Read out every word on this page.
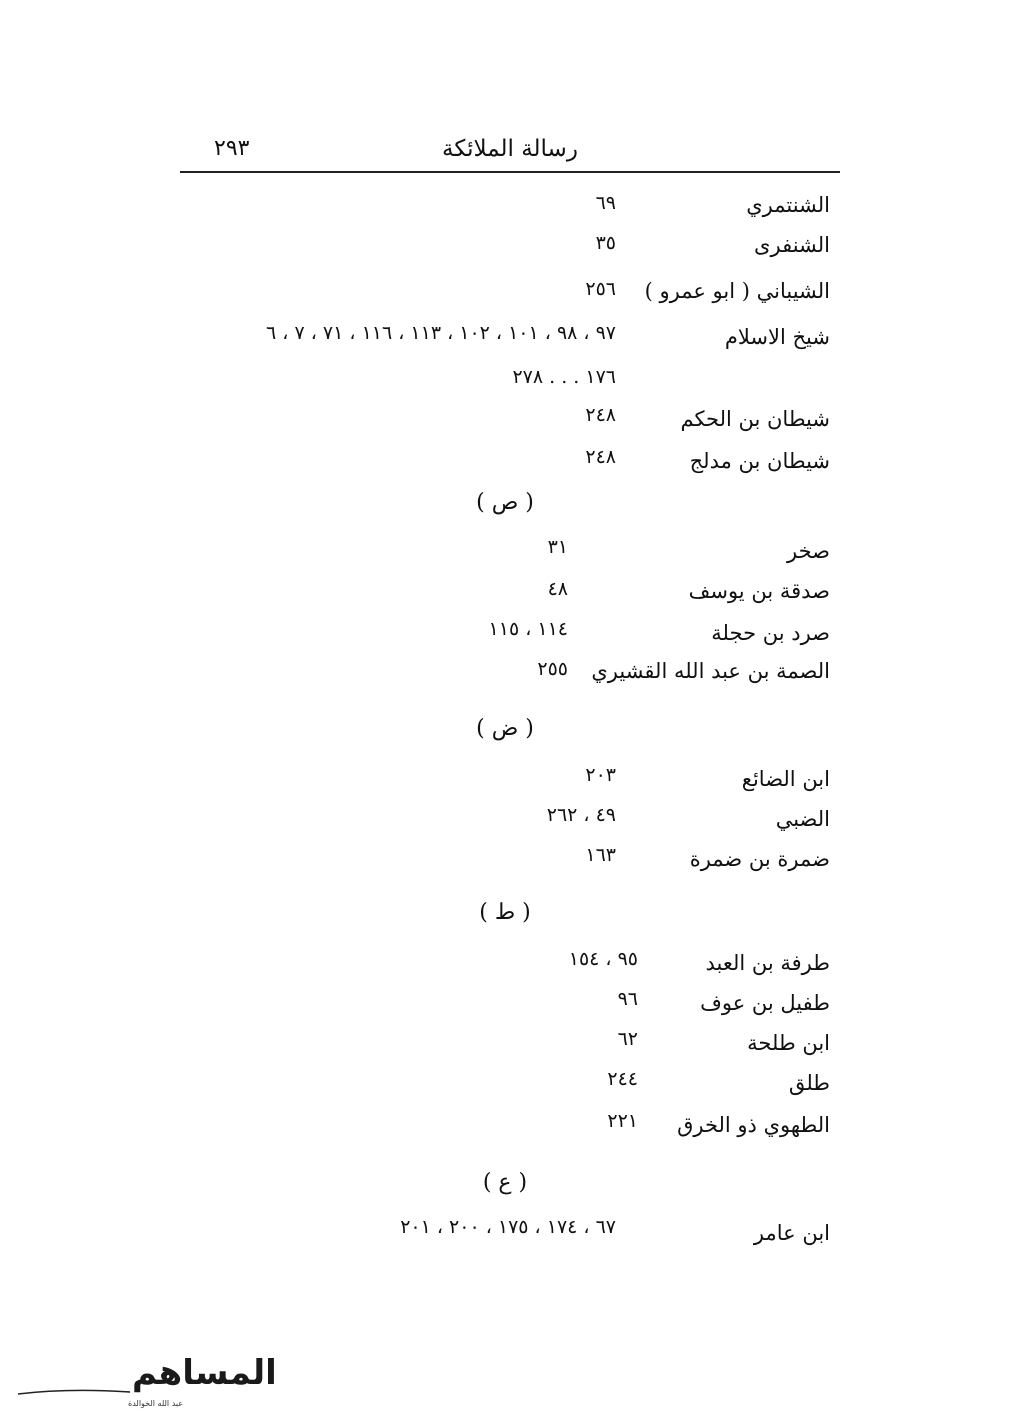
رسالة الملائكة
٢٩٣
الشنتمري
٦٩
الشنفرى
٣٥
الشيباني ( ابو عمرو )
٢٥٦
شيخ الاسلام
٩٧ ، ٩٨ ، ١٠١ ، ١٠٢ ، ١١٣ ، ١١٦ ، ٧١ ، ٧ ، ٦
١٧٦ . . . ٢٧٨
شيطان بن الحكم
٢٤٨
شيطان بن مدلج
٢٤٨
( ص )
صخر
٣١
صدقة بن يوسف
٤٨
صرد بن حجلة
١١٤ ، ١١٥
الصمة بن عبد الله القشيري
٢٥٥
( ض )
ابن الضائع
٢٠٣
الضبي
٤٩ ، ٢٦٢
ضمرة بن ضمرة
١٦٣
( ط )
طرفة بن العبد
٩٥ ، ١٥٤
طفيل بن عوف
٩٦
ابن طلحة
٦٢
طلق
٢٤٤
الطهوي ذو الخرق
٢٢١
( ع )
ابن عامر
٦٧ ، ١٧٤ ، ١٧٥ ، ٢٠٠ ، ٢٠١
المساهم
عبد الله الخوالدة
